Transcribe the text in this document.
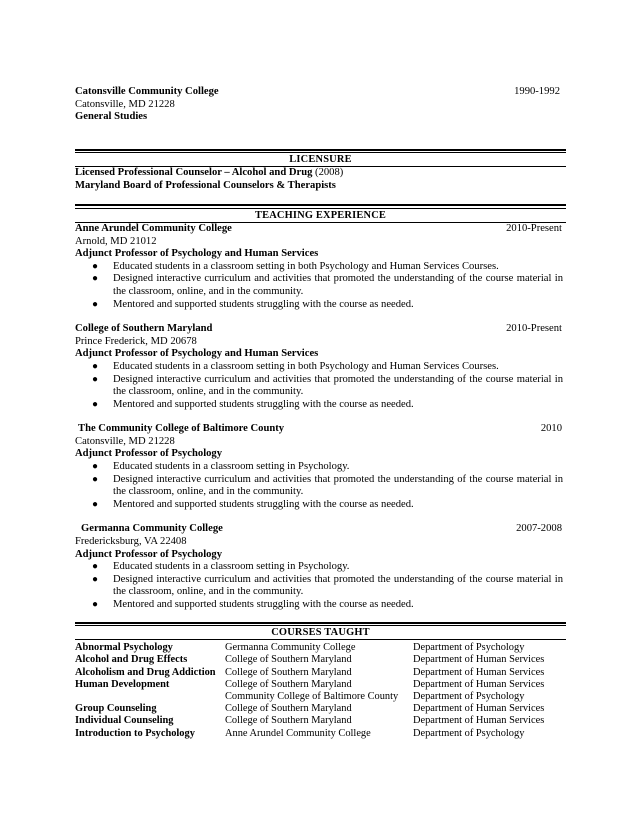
Catonsville Community College	1990-1992
Catonsville, MD 21228
General Studies
LICENSURE
Licensed Professional Counselor – Alcohol and Drug (2008)
Maryland Board of Professional Counselors & Therapists
TEACHING EXPERIENCE
Anne Arundel Community College	2010-Present
Arnold, MD 21012
Adjunct Professor of Psychology and Human Services
● Educated students in a classroom setting in both Psychology and Human Services Courses.
● Designed interactive curriculum and activities that promoted the understanding of the course material in the classroom, online, and in the community.
● Mentored and supported students struggling with the course as needed.
College of Southern Maryland	2010-Present
Prince Frederick, MD 20678
Adjunct Professor of Psychology and Human Services
● Educated students in a classroom setting in both Psychology and Human Services Courses.
● Designed interactive curriculum and activities that promoted the understanding of the course material in the classroom, online, and in the community.
● Mentored and supported students struggling with the course as needed.
The Community College of Baltimore County	2010
Catonsville, MD 21228
Adjunct Professor of Psychology
● Educated students in a classroom setting in Psychology.
● Designed interactive curriculum and activities that promoted the understanding of the course material in the classroom, online, and in the community.
● Mentored and supported students struggling with the course as needed.
Germanna Community College	2007-2008
Fredericksburg, VA 22408
Adjunct Professor of Psychology
● Educated students in a classroom setting in Psychology.
● Designed interactive curriculum and activities that promoted the understanding of the course material in the classroom, online, and in the community.
● Mentored and supported students struggling with the course as needed.
COURSES TAUGHT
Abnormal Psychology	Germanna Community College	Department of Psychology
Alcohol and Drug Effects	College of Southern Maryland	Department of Human Services
Alcoholism and Drug Addiction	College of Southern Maryland	Department of Human Services
Human Development	College of Southern Maryland	Department of Human Services
	Community College of Baltimore County	Department of Psychology
Group Counseling	College of Southern Maryland	Department of Human Services
Individual Counseling	College of Southern Maryland	Department of Human Services
Introduction to Psychology	Anne Arundel Community College	Department of Psychology
